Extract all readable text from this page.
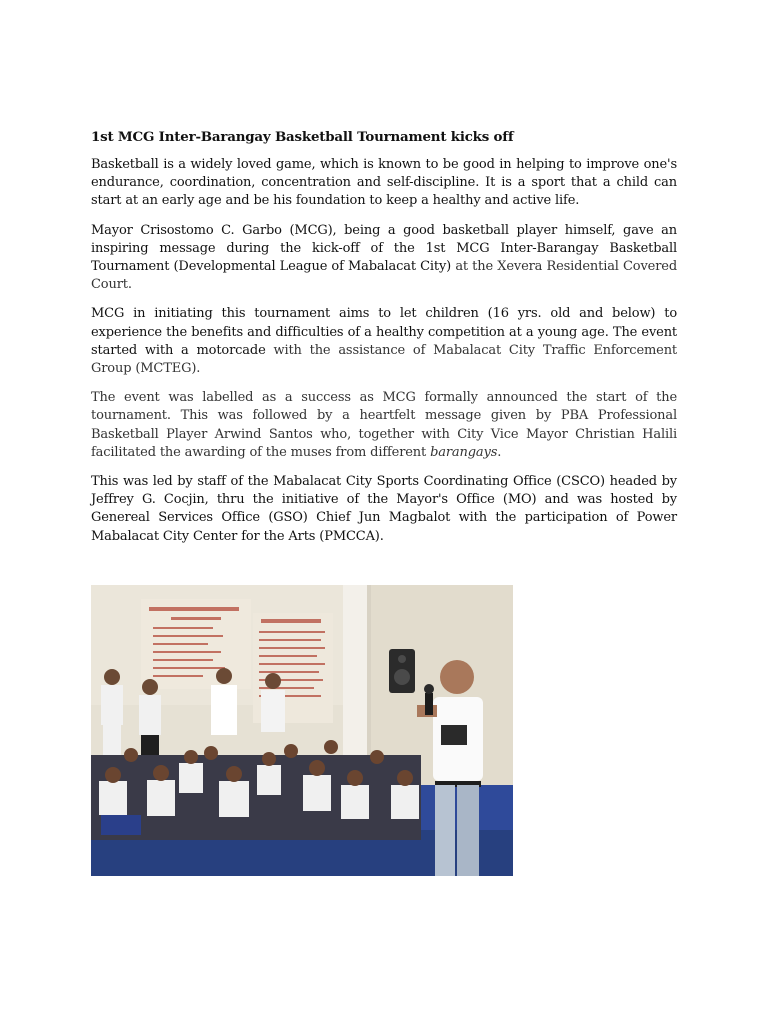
1st MCG Inter-Barangay Basketball Tournament kicks off

Basketball is a widely loved game, which is known to be good in helping to improve one's endurance, coordination, concentration and self-discipline. It is a sport that a child can start at an early age and be his foundation to keep a healthy and active life.

Mayor Crisostomo C. Garbo (MCG), being a good basketball player himself, gave an inspiring message during the kick-off of the 1st MCG Inter-Barangay Basketball Tournament (Developmental League of Mabalacat City) at the Xevera Residential Covered Court.

MCG in initiating this tournament aims to let children (16 yrs. old and below) to experience the benefits and difficulties of a healthy competition at a young age. The event started with a motorcade with the assistance of Mabalacat City Traffic Enforcement Group (MCTEG).

The event was labelled as a success as MCG formally announced the start of the tournament. This was followed by a heartfelt message given by PBA Professional Basketball Player Arwind Santos who, together with City Vice Mayor Christian Halili facilitated the awarding of the muses from different barangays.

This was led by staff of the Mabalacat City Sports Coordinating Office (CSCO) headed by Jeffrey G. Cocjin, thru the initiative of the Mayor's Office (MO) and was hosted by Genereal Services Office (GSO) Chief Jun Magbalot with the participation of Power Mabalacat City Center for the Arts (PMCCA).
